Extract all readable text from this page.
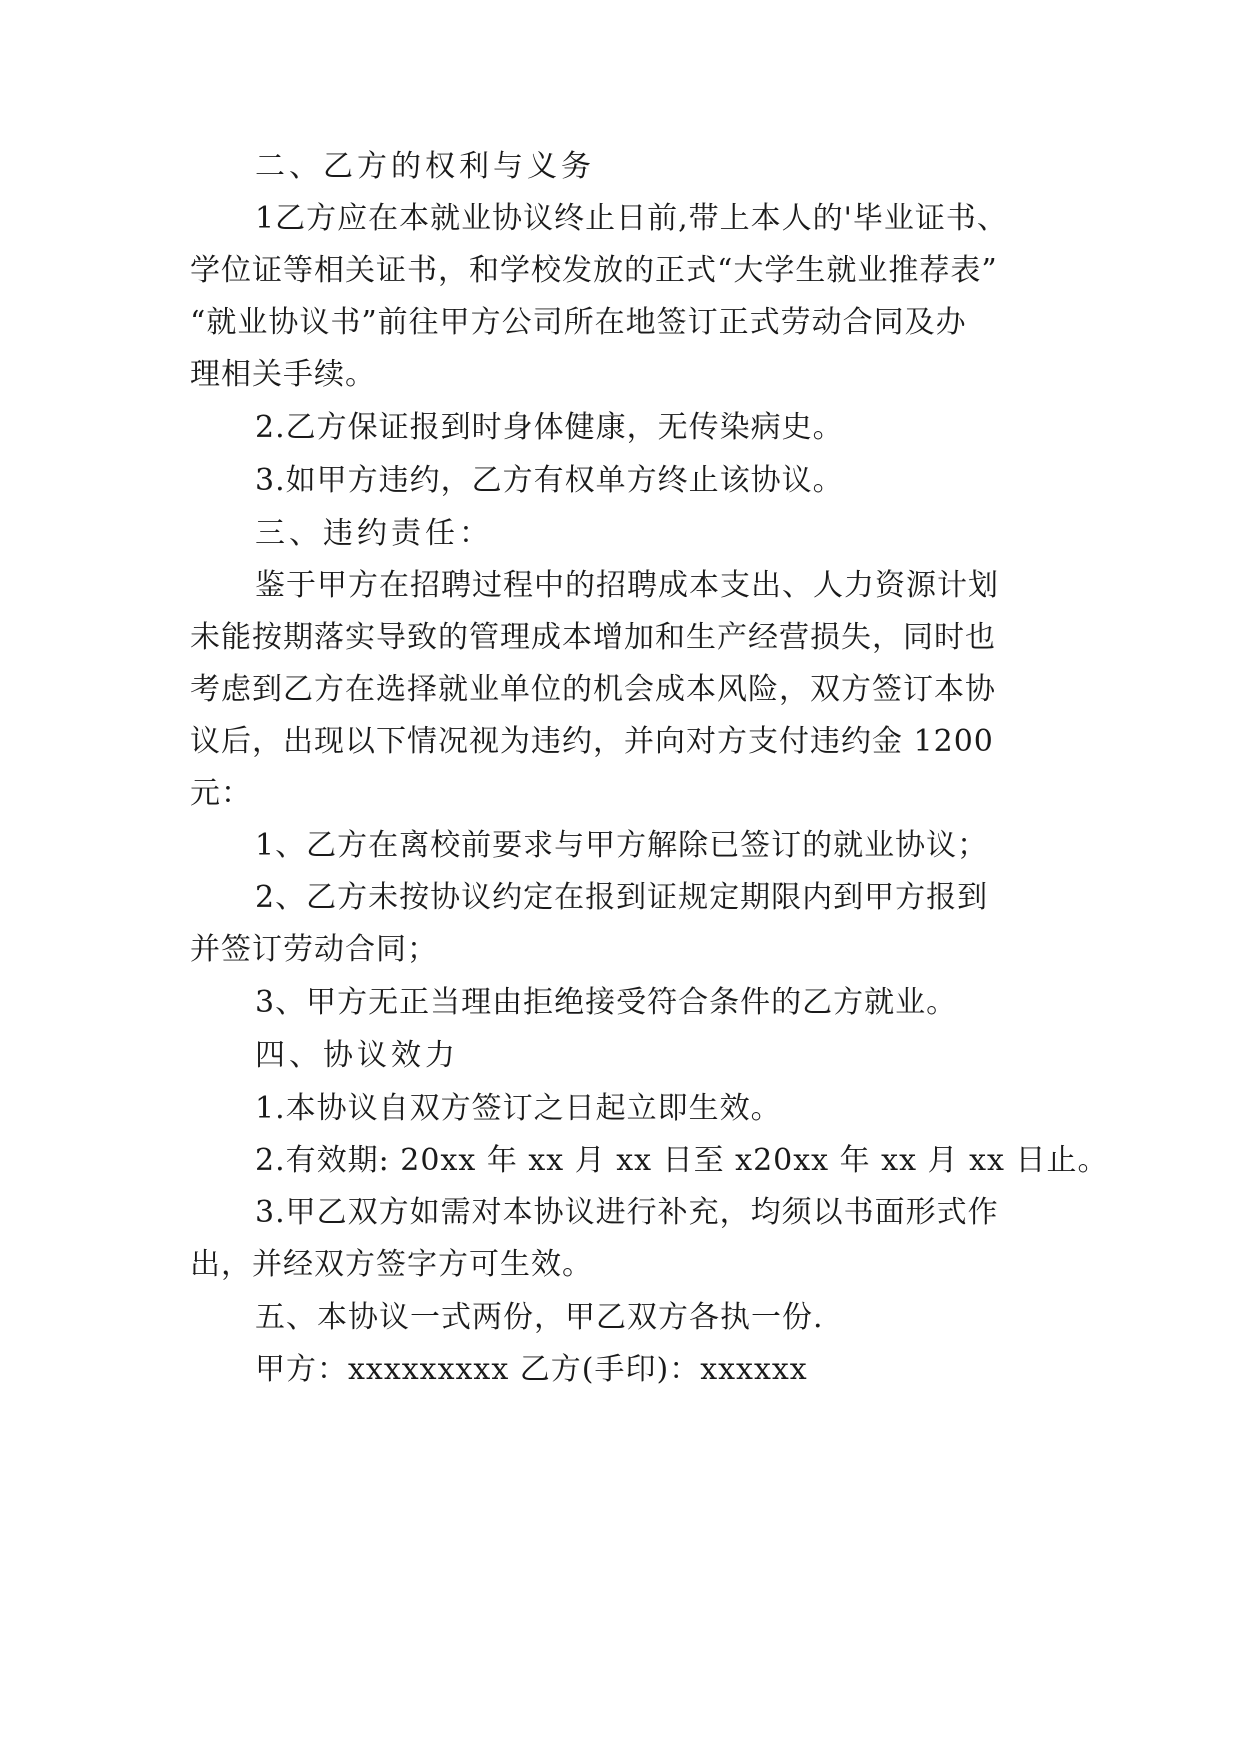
二、乙方的权利与义务

1乙方应在本就业协议终止日前,带上本人的'毕业证书、

学位证等相关证书，和学校发放的正式“大学生就业推荐表”

“就业协议书”前往甲方公司所在地签订正式劳动合同及办

理相关手续。

2.乙方保证报到时身体健康，无传染病史。

3.如甲方违约，乙方有权单方终止该协议。

三、违约责任：

鉴于甲方在招聘过程中的招聘成本支出、人力资源计划

未能按期落实导致的管理成本增加和生产经营损失，同时也

考虑到乙方在选择就业单位的机会成本风险，双方签订本协

议后，出现以下情况视为违约，并向对方支付违约金 1200

元：

1、乙方在离校前要求与甲方解除已签订的就业协议；

2、乙方未按协议约定在报到证规定期限内到甲方报到

并签订劳动合同；

3、甲方无正当理由拒绝接受符合条件的乙方就业。

四、协议效力

1.本协议自双方签订之日起立即生效。

2.有效期: 20xx 年 xx 月 xx 日至 x20xx 年 xx 月 xx 日止。

3.甲乙双方如需对本协议进行补充，均须以书面形式作

出，并经双方签字方可生效。

五、本协议一式两份，甲乙双方各执一份.

甲方：xxxxxxxxx 乙方(手印)：xxxxxx
